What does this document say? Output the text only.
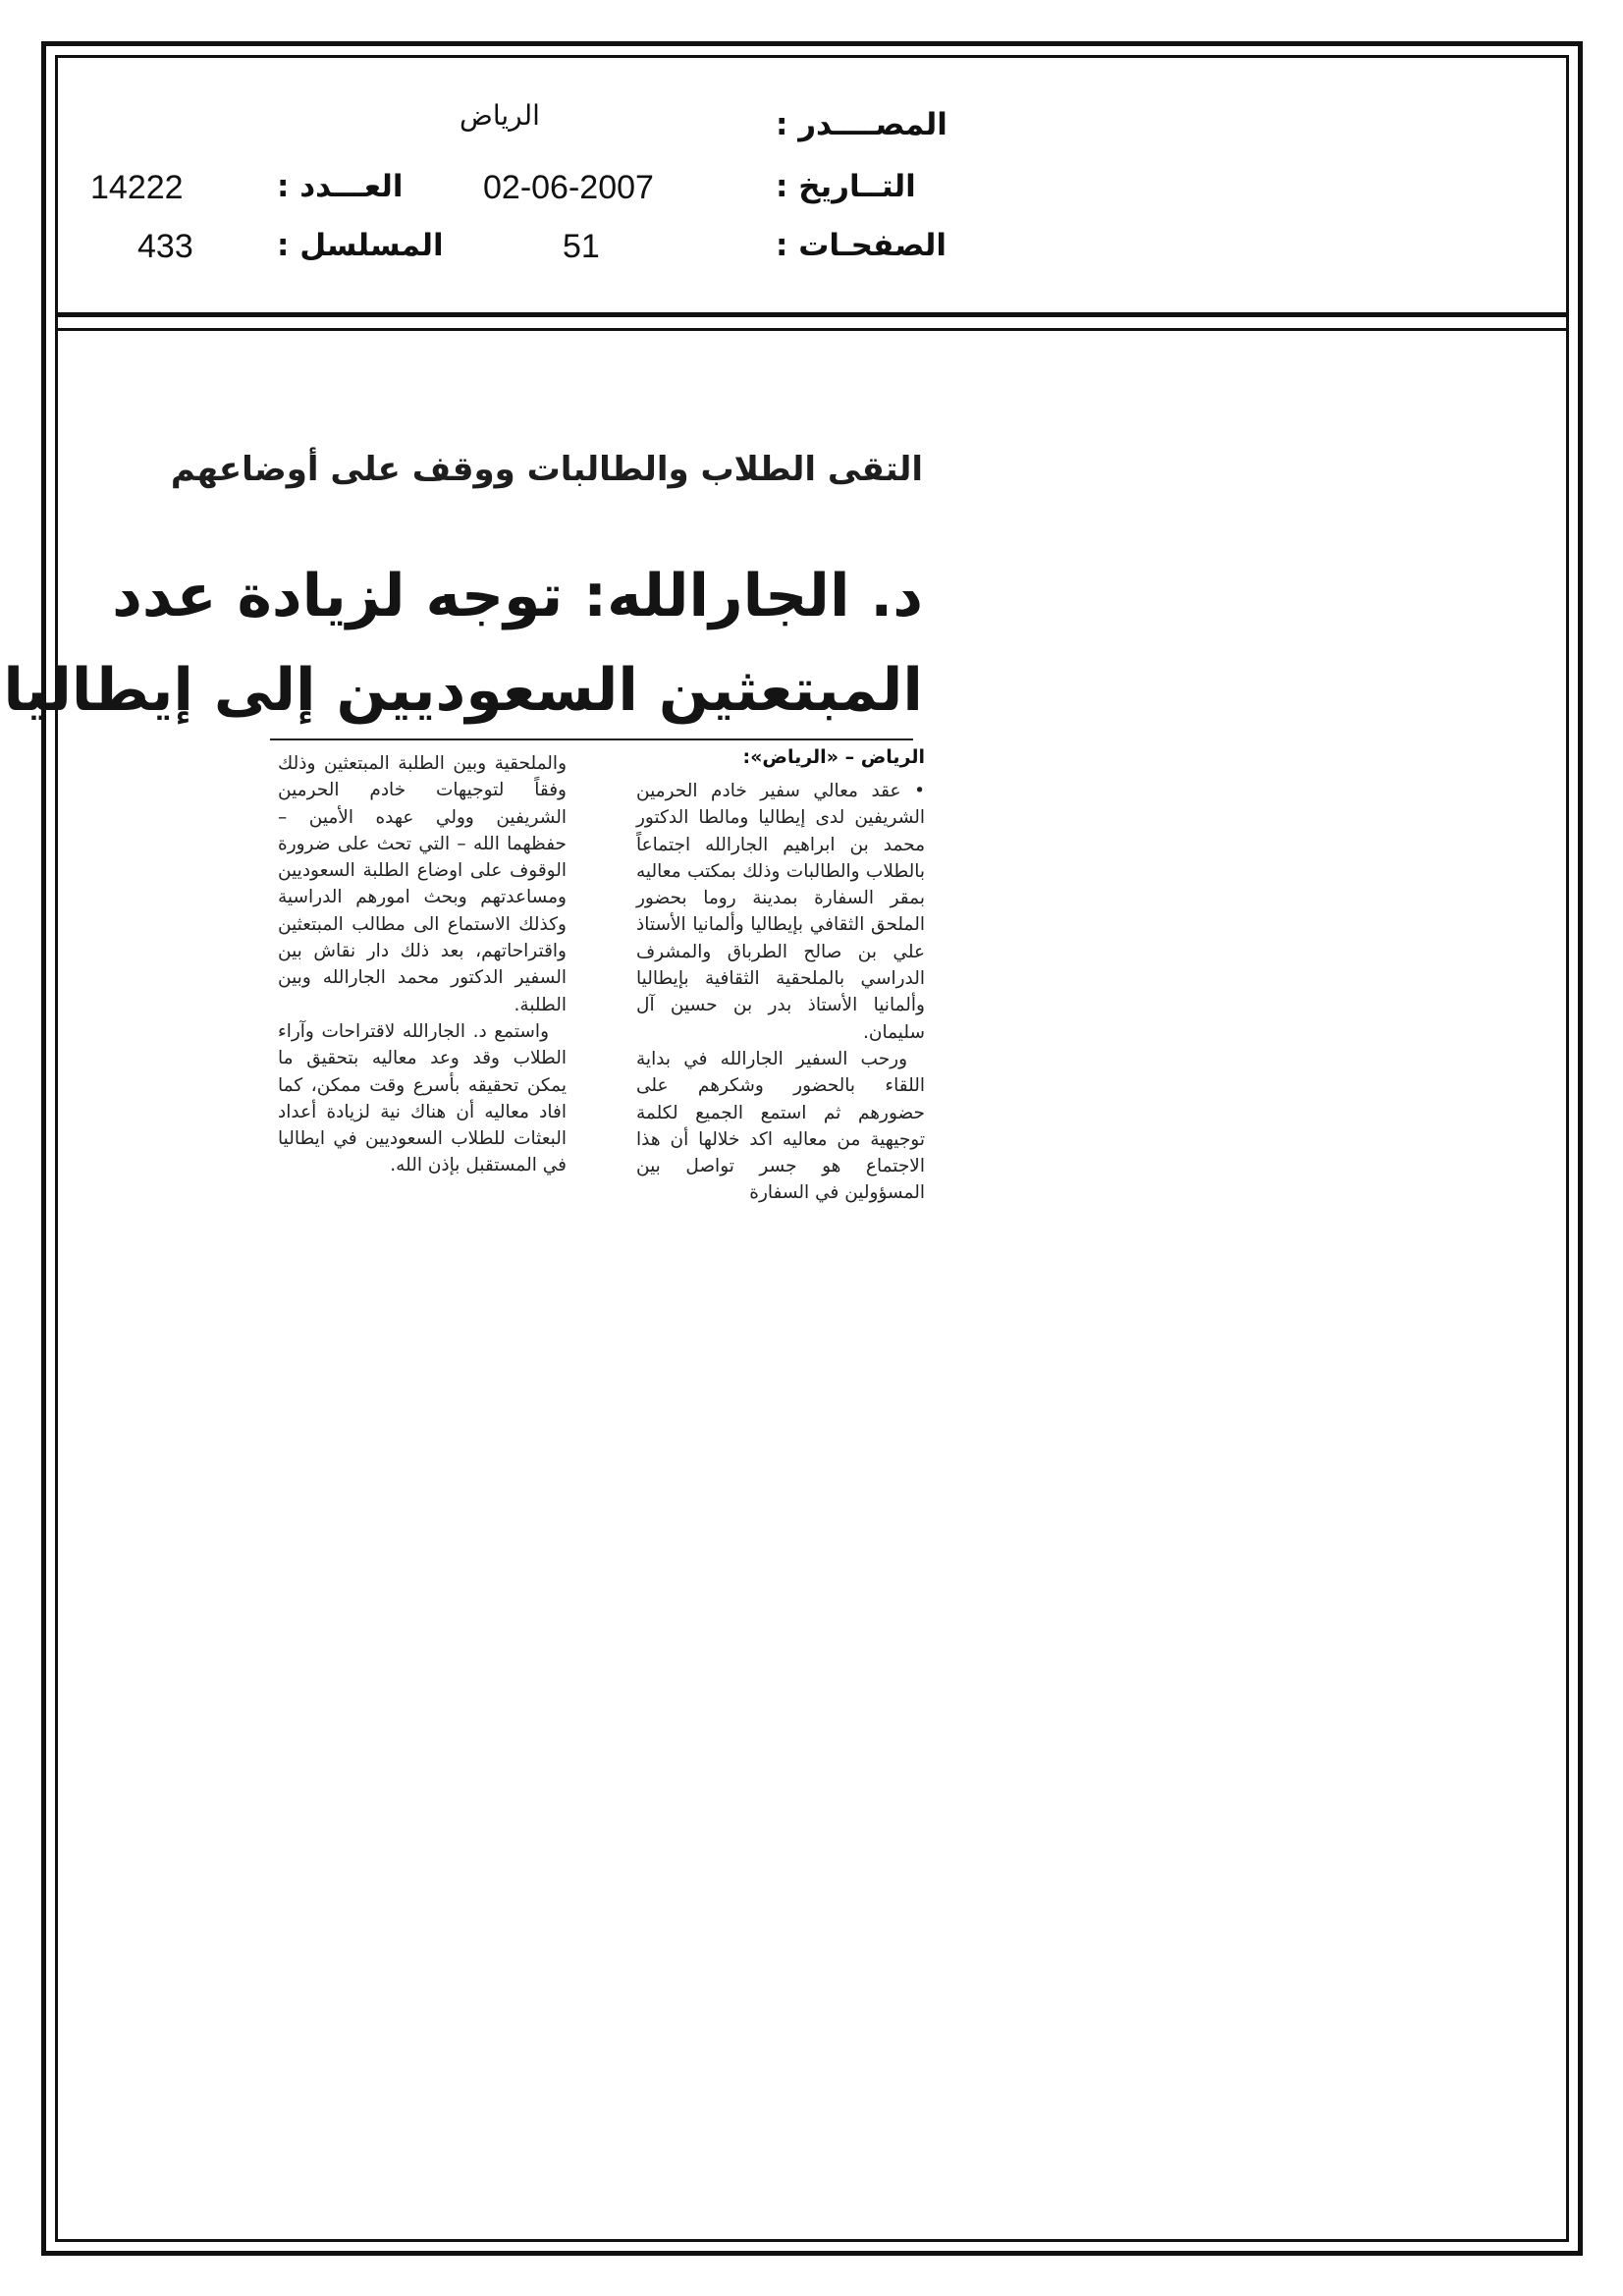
المصــــدر :
الرياض
التــاريخ :
02-06-2007
العـــدد :
14222
الصفحـات :
51
المسلسل :
433
التقى الطلاب والطالبات ووقف على أوضاعهم
د. الجارالله: توجه لزيادة عدد
المبتعثين السعوديين إلى إيطاليا
الرياض – «الرياض»:

• عقد معالي سفير خادم الحرمين الشريفين لدى إيطاليا ومالطا الدكتور محمد بن ابراهيم الجارالله اجتماعاً بالطلاب والطالبات وذلك بمكتب معاليه بمقر السفارة بمدينة روما بحضور الملحق الثقافي بإيطاليا وألمانيا الأستاذ علي بن صالح الطرباق والمشرف الدراسي بالملحقية الثقافية بإيطاليا وألمانيا الأستاذ بدر بن حسين آل سليمان.

ورحب السفير الجارالله في بداية اللقاء بالحضور وشكرهم على حضورهم ثم استمع الجميع لكلمة توجيهية من معاليه اكد خلالها أن هذا الاجتماع هو جسر تواصل بين المسؤولين في السفارة

والملحقية وبين الطلبة المبتعثين وذلك وفقاً لتوجيهات خادم الحرمين الشريفين وولي عهده الأمين – حفظهما الله – التي تحث على ضرورة الوقوف على اوضاع الطلبة السعوديين ومساعدتهم وبحث امورهم الدراسية وكذلك الاستماع الى مطالب المبتعثين واقتراحاتهم، بعد ذلك دار نقاش بين السفير الدكتور محمد الجارالله وبين الطلبة.

واستمع د. الجارالله لاقتراحات وآراء الطلاب وقد وعد معاليه بتحقيق ما يمكن تحقيقه بأسرع وقت ممكن، كما افاد معاليه أن هناك نية لزيادة أعداد البعثات للطلاب السعوديين في ايطاليا في المستقبل بإذن الله.
